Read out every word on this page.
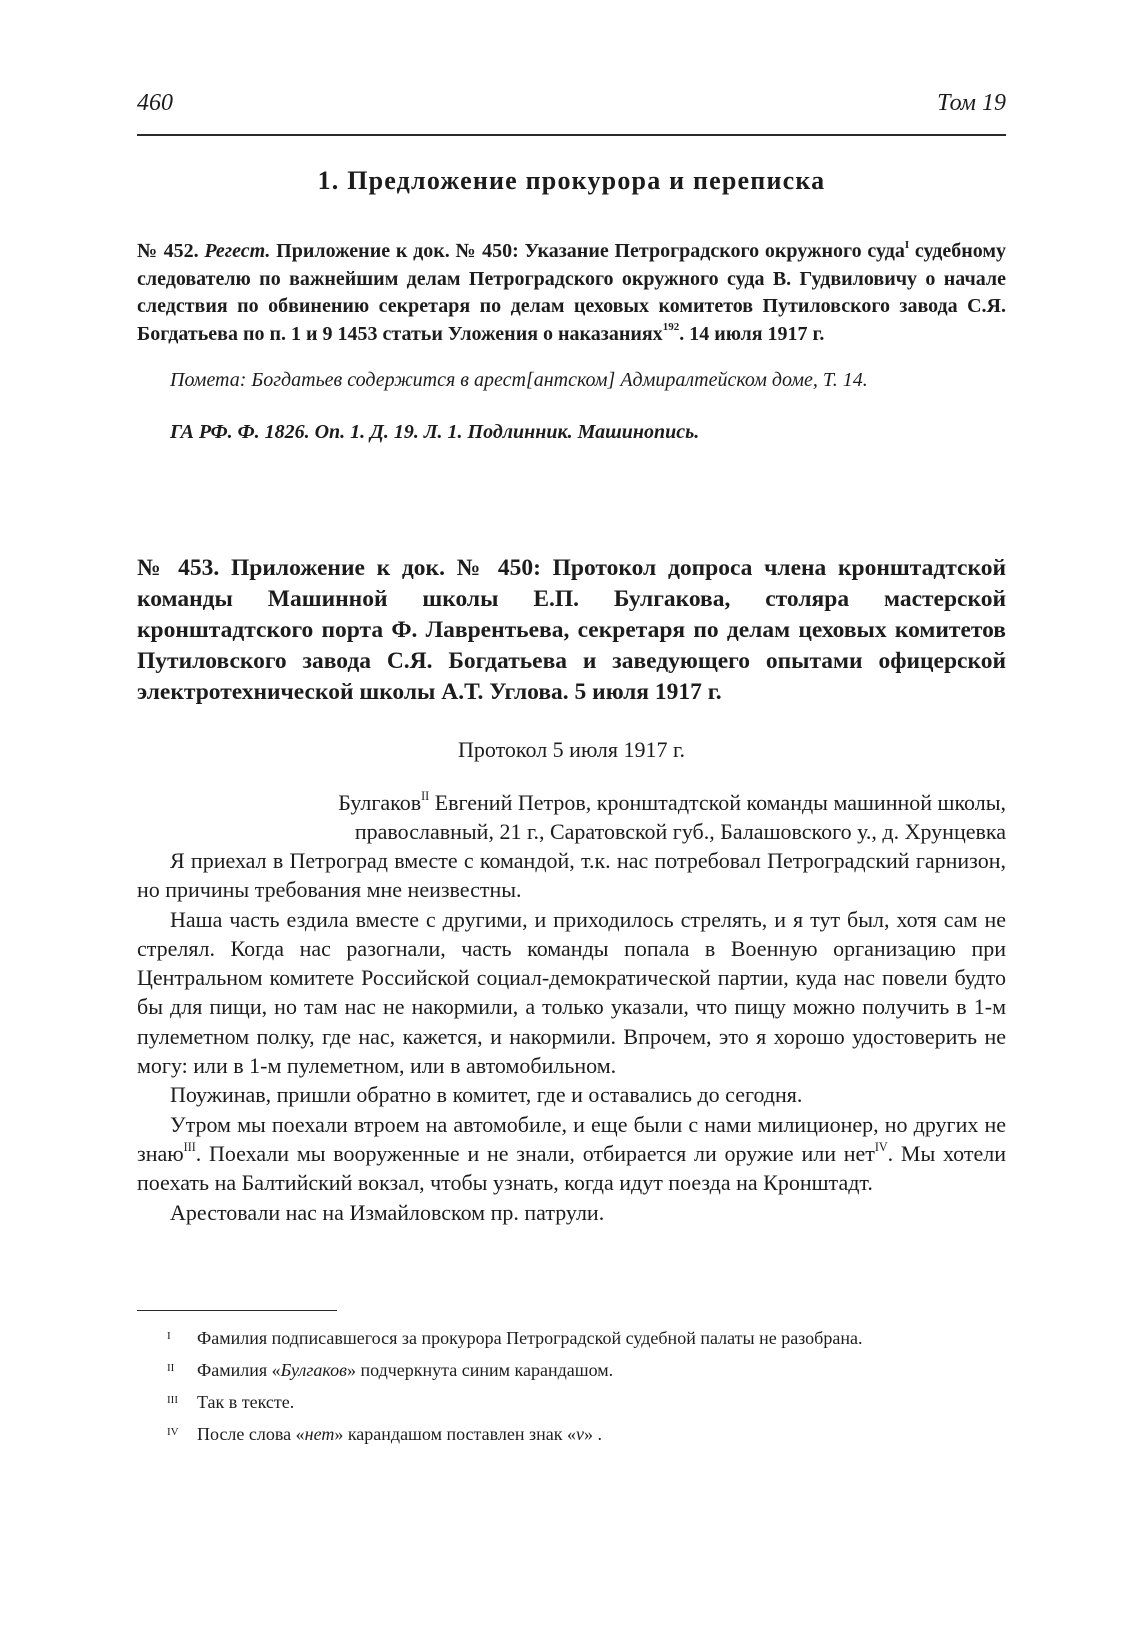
460	Том 19
1. Предложение прокурора и переписка
№ 452. Регест. Приложение к док. № 450: Указание Петроградского окружного суда$^I$ судебному следователю по важнейшим делам Петроградского окружного суда В. Гудвиловичу о начале следствия по обвинению секретаря по делам цеховых комитетов Путиловского завода С.Я. Богдатьева по п. 1 и 9 1453 статьи Уложения о наказаниях$^{192}$. 14 июля 1917 г.
Помета: Богдатьев содержится в арест[антском] Адмиралтейском доме, Т. 14.
ГА РФ. Ф. 1826. Оп. 1. Д. 19. Л. 1. Подлинник. Машинопись.
№ 453. Приложение к док. № 450: Протокол допроса члена кронштадтской команды Машинной школы Е.П. Булгакова, столяра мастерской кронштадтского порта Ф. Лаврентьева, секретаря по делам цеховых комитетов Путиловского завода С.Я. Богдатьева и заведующего опытами офицерской электротехнической школы А.Т. Углова. 5 июля 1917 г.
Протокол 5 июля 1917 г.
Булгаков$^{II}$ Евгений Петров, кронштадтской команды машинной школы,
православный, 21 г., Саратовской губ., Балашовского у., д. Хрунцевка

Я приехал в Петроград вместе с командой, т.к. нас потребовал Петроградский гарнизон, но причины требования мне неизвестны.

Наша часть ездила вместе с другими, и приходилось стрелять, и я тут был, хотя сам не стрелял. Когда нас разогнали, часть команды попала в Военную организацию при Центральном комитете Российской социал-демократической партии, куда нас повели будто бы для пищи, но там нас не накормили, а только указали, что пищу можно получить в 1-м пулеметном полку, где нас, кажется, и накормили. Впрочем, это я хорошо удостоверить не могу: или в 1-м пулеметном, или в автомобильном.

Поужинав, пришли обратно в комитет, где и оставались до сегодня.

Утром мы поехали втроем на автомобиле, и еще были с нами милиционер, но других не знаю$^{III}$. Поехали мы вооруженные и не знали, отбирается ли оружие или нет$^{IV}$. Мы хотели поехать на Балтийский вокзал, чтобы узнать, когда идут поезда на Кронштадт.

Арестовали нас на Измайловском пр. патрули.

I Фамилия подписавшегося за прокурора Петроградской судебной палаты не разобрана.
II Фамилия «Булгаков» подчеркнута синим карандашом.
III Так в тексте.
IV После слова «нет» карандашом поставлен знак «v» .
